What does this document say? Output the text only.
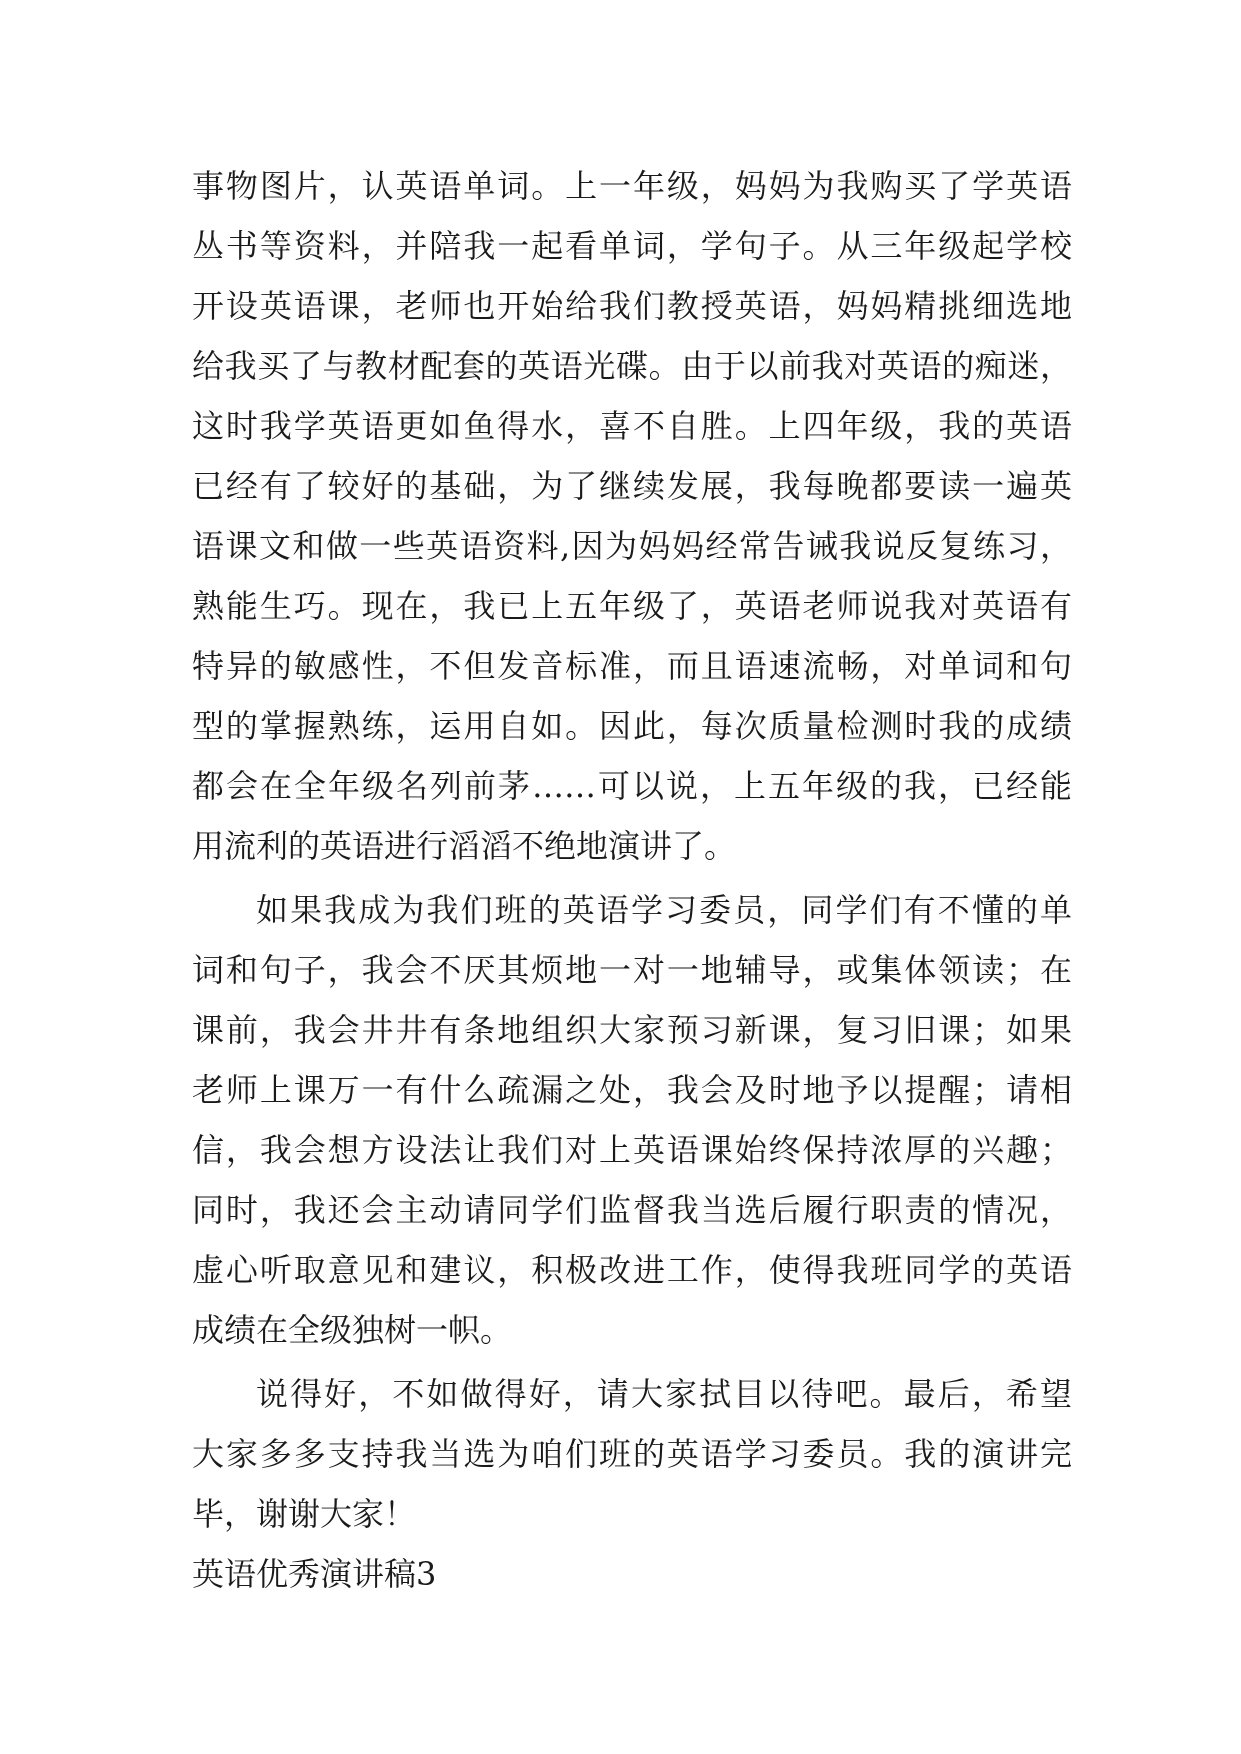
事物图片，认英语单词。上一年级，妈妈为我购买了学英语
丛书等资料，并陪我一起看单词，学句子。从三年级起学校
开设英语课，老师也开始给我们教授英语，妈妈精挑细选地
给我买了与教材配套的英语光碟。由于以前我对英语的痴迷，
这时我学英语更如鱼得水，喜不自胜。上四年级，我的英语
已经有了较好的基础，为了继续发展，我每晚都要读一遍英
语课文和做一些英语资料,因为妈妈经常告诫我说反复练习，
熟能生巧。现在，我已上五年级了，英语老师说我对英语有
特异的敏感性，不但发音标准，而且语速流畅，对单词和句
型的掌握熟练，运用自如。因此，每次质量检测时我的成绩
都会在全年级名列前茅……可以说，上五年级的我，已经能
用流利的英语进行滔滔不绝地演讲了。
如果我成为我们班的英语学习委员，同学们有不懂的单
词和句子，我会不厌其烦地一对一地辅导，或集体领读；在
课前，我会井井有条地组织大家预习新课，复习旧课；如果
老师上课万一有什么疏漏之处，我会及时地予以提醒；请相
信，我会想方设法让我们对上英语课始终保持浓厚的兴趣；
同时，我还会主动请同学们监督我当选后履行职责的情况，
虚心听取意见和建议，积极改进工作，使得我班同学的英语
成绩在全级独树一帜。
说得好，不如做得好，请大家拭目以待吧。最后，希望
大家多多支持我当选为咱们班的英语学习委员。我的演讲完
毕，谢谢大家！
英语优秀演讲稿3
